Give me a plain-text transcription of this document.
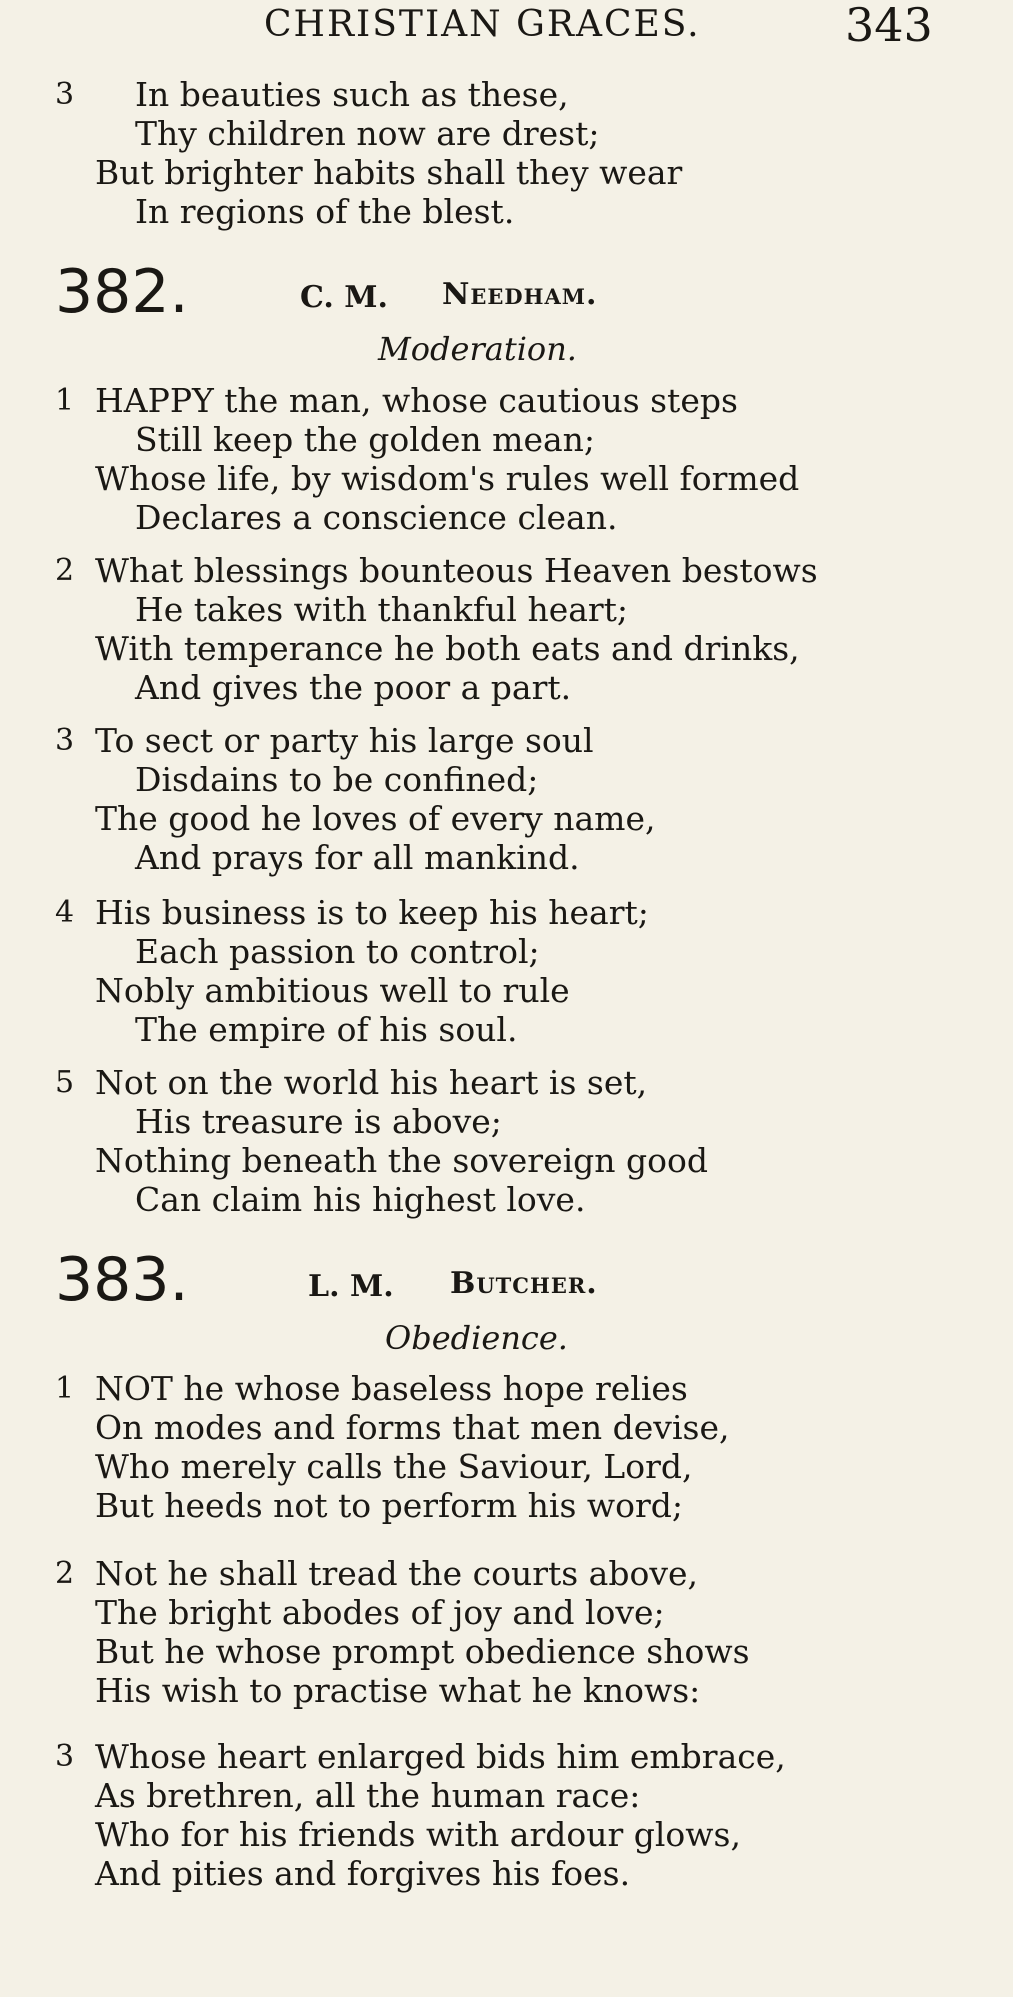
CHRISTIAN GRACES.	343
3 In beauties such as these,
Thy children now are drest;
But brighter habits shall they wear
In regions of the blest.
382.	C. M. Needham.
Moderation.
1 HAPPY the man, whose cautious steps
Still keep the golden mean;
Whose life, by wisdom's rules well formed
Declares a conscience clean.
2 What blessings bounteous Heaven bestows
He takes with thankful heart;
With temperance he both eats and drinks,
And gives the poor a part.
3 To sect or party his large soul
Disdains to be confined;
The good he loves of every name,
And prays for all mankind.
4 His business is to keep his heart;
Each passion to control;
Nobly ambitious well to rule
The empire of his soul.
5 Not on the world his heart is set,
His treasure is above;
Nothing beneath the sovereign good
Can claim his highest love.
383.	L. M. Butcher.
Obedience.
1 NOT he whose baseless hope relies
On modes and forms that men devise,
Who merely calls the Saviour, Lord,
But heeds not to perform his word;
2 Not he shall tread the courts above,
The bright abodes of joy and love;
But he whose prompt obedience shows
His wish to practise what he knows:
3 Whose heart enlarged bids him embrace,
As brethren, all the human race:
Who for his friends with ardour glows,
And pities and forgives his foes.
